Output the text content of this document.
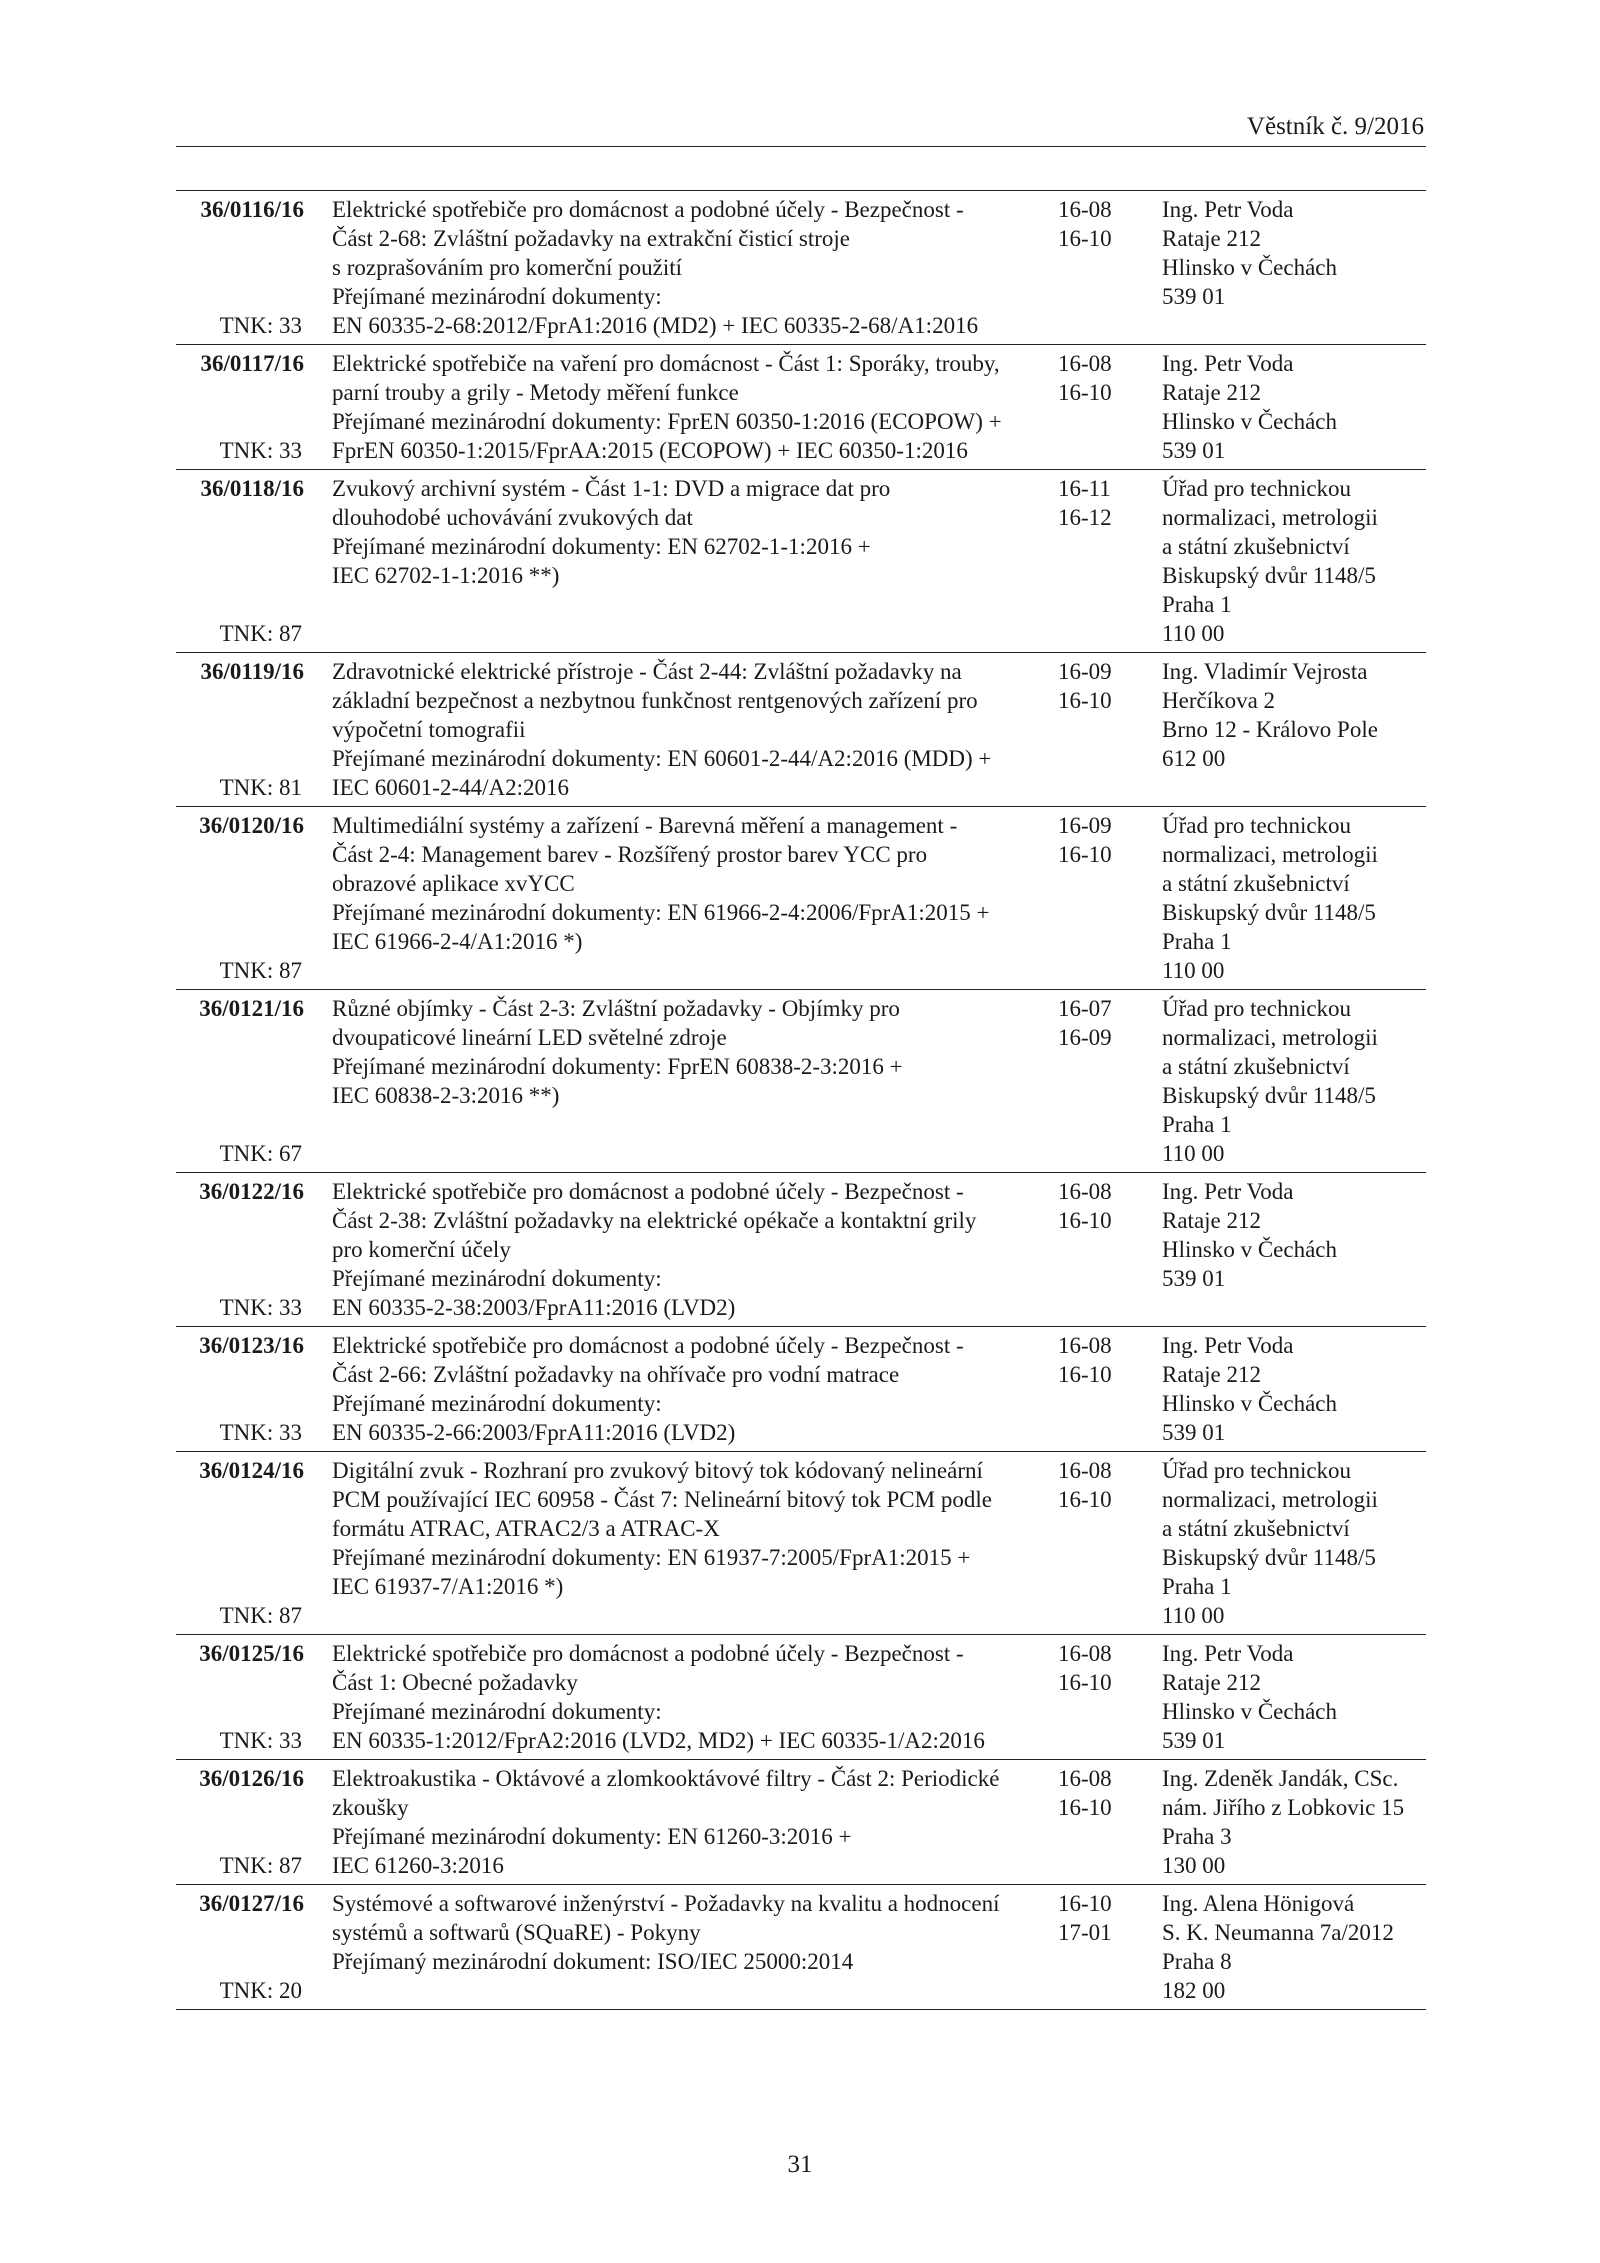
Věstník č. 9/2016
36/0116/16
TNK: 33
Elektrické spotřebiče pro domácnost a podobné účely - Bezpečnost -
Část 2-68: Zvláštní požadavky na extrakční čisticí stroje
s rozprašováním pro komerční použití
Přejímané mezinárodní dokumenty:
EN 60335-2-68:2012/FprA1:2016 (MD2) + IEC 60335-2-68/A1:2016
16-08
16-10
Ing. Petr Voda
Rataje 212
Hlinsko v Čechách
539 01
36/0117/16
TNK: 33
Elektrické spotřebiče na vaření pro domácnost - Část 1: Sporáky, trouby,
parní trouby a grily - Metody měření funkce
Přejímané mezinárodní dokumenty: FprEN 60350-1:2016 (ECOPOW) +
FprEN 60350-1:2015/FprAA:2015 (ECOPOW) + IEC 60350-1:2016
16-08
16-10
Ing. Petr Voda
Rataje 212
Hlinsko v Čechách
539 01
36/0118/16
TNK: 87
Zvukový archivní systém - Část 1-1: DVD a migrace dat pro
dlouhodobé uchovávání zvukových dat
Přejímané mezinárodní dokumenty: EN 62702-1-1:2016 +
IEC 62702-1-1:2016 **)
16-11
16-12
Úřad pro technickou
normalizaci, metrologii
a státní zkušebnictví
Biskupský dvůr 1148/5
Praha 1
110 00
36/0119/16
TNK: 81
Zdravotnické elektrické přístroje - Část 2-44: Zvláštní požadavky na
základní bezpečnost a nezbytnou funkčnost rentgenových zařízení pro
výpočetní tomografii
Přejímané mezinárodní dokumenty: EN 60601-2-44/A2:2016 (MDD) +
IEC 60601-2-44/A2:2016
16-09
16-10
Ing. Vladimír Vejrosta
Herčíkova 2
Brno 12 - Královo Pole
612 00
36/0120/16
TNK: 87
Multimediální systémy a zařízení - Barevná měření a management -
Část 2-4: Management barev - Rozšířený prostor barev YCC pro
obrazové aplikace xvYCC
Přejímané mezinárodní dokumenty: EN 61966-2-4:2006/FprA1:2015 +
IEC 61966-2-4/A1:2016 *)
16-09
16-10
Úřad pro technickou
normalizaci, metrologii
a státní zkušebnictví
Biskupský dvůr 1148/5
Praha 1
110 00
36/0121/16
TNK: 67
Různé objímky - Část 2-3: Zvláštní požadavky - Objímky pro
dvoupaticové lineární LED světelné zdroje
Přejímané mezinárodní dokumenty: FprEN 60838-2-3:2016 +
IEC 60838-2-3:2016 **)
16-07
16-09
Úřad pro technickou
normalizaci, metrologii
a státní zkušebnictví
Biskupský dvůr 1148/5
Praha 1
110 00
36/0122/16
TNK: 33
Elektrické spotřebiče pro domácnost a podobné účely - Bezpečnost -
Část 2-38: Zvláštní požadavky na elektrické opékače a kontaktní grily
pro komerční účely
Přejímané mezinárodní dokumenty:
EN 60335-2-38:2003/FprA11:2016 (LVD2)
16-08
16-10
Ing. Petr Voda
Rataje 212
Hlinsko v Čechách
539 01
36/0123/16
TNK: 33
Elektrické spotřebiče pro domácnost a podobné účely - Bezpečnost -
Část 2-66: Zvláštní požadavky na ohřívače pro vodní matrace
Přejímané mezinárodní dokumenty:
EN 60335-2-66:2003/FprA11:2016 (LVD2)
16-08
16-10
Ing. Petr Voda
Rataje 212
Hlinsko v Čechách
539 01
36/0124/16
TNK: 87
Digitální zvuk - Rozhraní pro zvukový bitový tok kódovaný nelineární
PCM používající IEC 60958 - Část 7: Nelineární bitový tok PCM podle
formátu ATRAC, ATRAC2/3 a ATRAC-X
Přejímané mezinárodní dokumenty: EN 61937-7:2005/FprA1:2015 +
IEC 61937-7/A1:2016 *)
16-08
16-10
Úřad pro technickou
normalizaci, metrologii
a státní zkušebnictví
Biskupský dvůr 1148/5
Praha 1
110 00
36/0125/16
TNK: 33
Elektrické spotřebiče pro domácnost a podobné účely - Bezpečnost -
Část 1: Obecné požadavky
Přejímané mezinárodní dokumenty:
EN 60335-1:2012/FprA2:2016 (LVD2, MD2) + IEC 60335-1/A2:2016
16-08
16-10
Ing. Petr Voda
Rataje 212
Hlinsko v Čechách
539 01
36/0126/16
TNK: 87
Elektroakustika - Oktávové a zlomkooktávové filtry - Část 2: Periodické
zkoušky
Přejímané mezinárodní dokumenty: EN 61260-3:2016 +
IEC 61260-3:2016
16-08
16-10
Ing. Zdeněk Jandák, CSc.
nám. Jiřího z Lobkovic 15
Praha 3
130 00
36/0127/16
TNK: 20
Systémové a softwarové inženýrství - Požadavky na kvalitu a hodnocení
systémů a softwarů (SQuaRE) - Pokyny
Přejímaný mezinárodní dokument: ISO/IEC 25000:2014

16-10
17-01
Ing. Alena Hönigová
S. K. Neumanna 7a/2012
Praha 8
182 00
31
